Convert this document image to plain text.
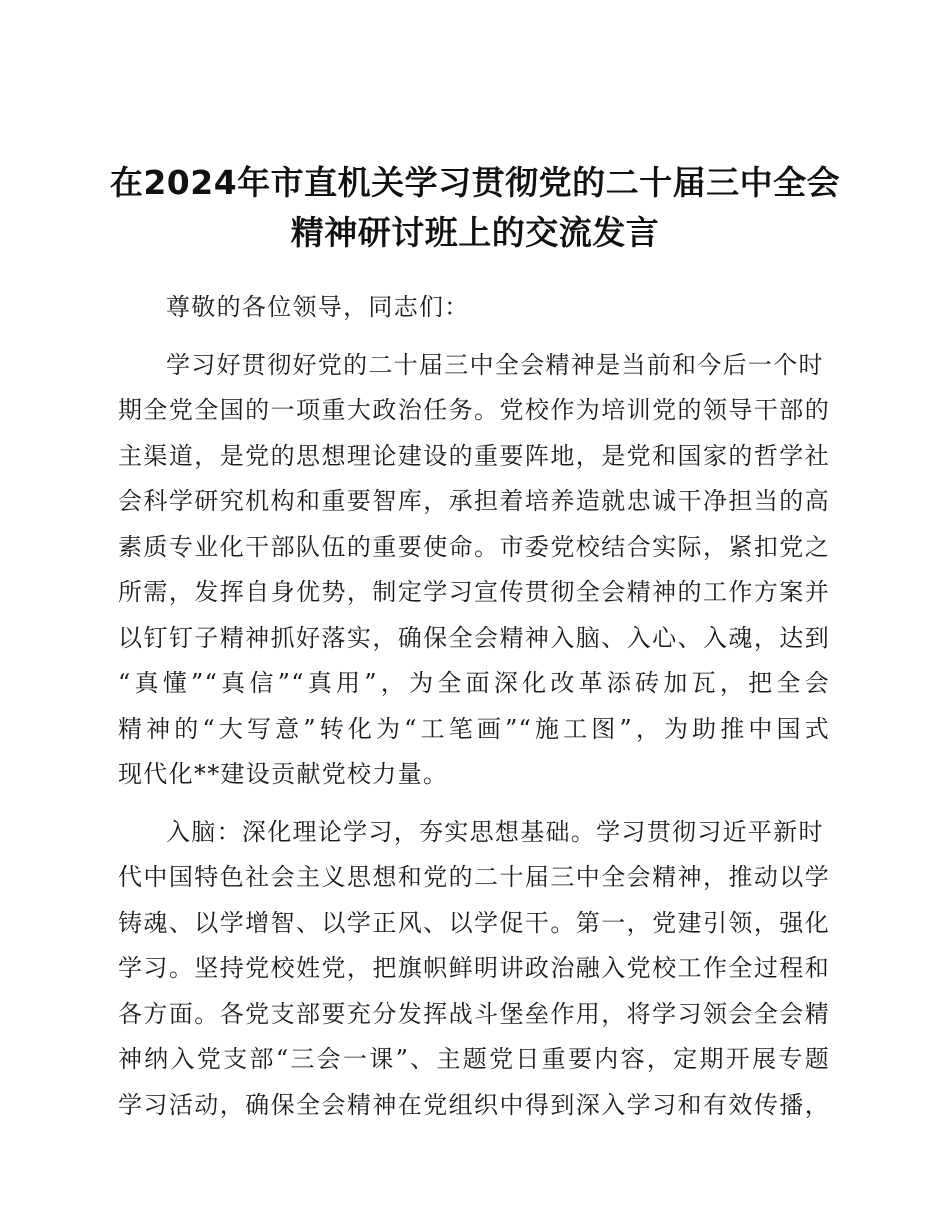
在2024年市直机关学习贯彻党的二十届三中全会
精神研讨班上的交流发言
尊敬的各位领导，同志们：
学习好贯彻好党的二十届三中全会精神是当前和今后一个时
期全党全国的一项重大政治任务。党校作为培训党的领导干部的
主渠道，是党的思想理论建设的重要阵地，是党和国家的哲学社
会科学研究机构和重要智库，承担着培养造就忠诚干净担当的高
素质专业化干部队伍的重要使命。市委党校结合实际，紧扣党之
所需，发挥自身优势，制定学习宣传贯彻全会精神的工作方案并
以钉钉子精神抓好落实，确保全会精神入脑、入心、入魂，达到
“真懂”“真信”“真用”，为全面深化改革添砖加瓦，把全会
精神的“大写意”转化为“工笔画”“施工图”，为助推中国式
现代化**建设贡献党校力量。
入脑：深化理论学习，夯实思想基础。学习贯彻习近平新时
代中国特色社会主义思想和党的二十届三中全会精神，推动以学
铸魂、以学增智、以学正风、以学促干。第一，党建引领，强化
学习。坚持党校姓党，把旗帜鲜明讲政治融入党校工作全过程和
各方面。各党支部要充分发挥战斗堡垒作用，将学习领会全会精
神纳入党支部“三会一课”、主题党日重要内容，定期开展专题
学习活动，确保全会精神在党组织中得到深入学习和有效传播，
